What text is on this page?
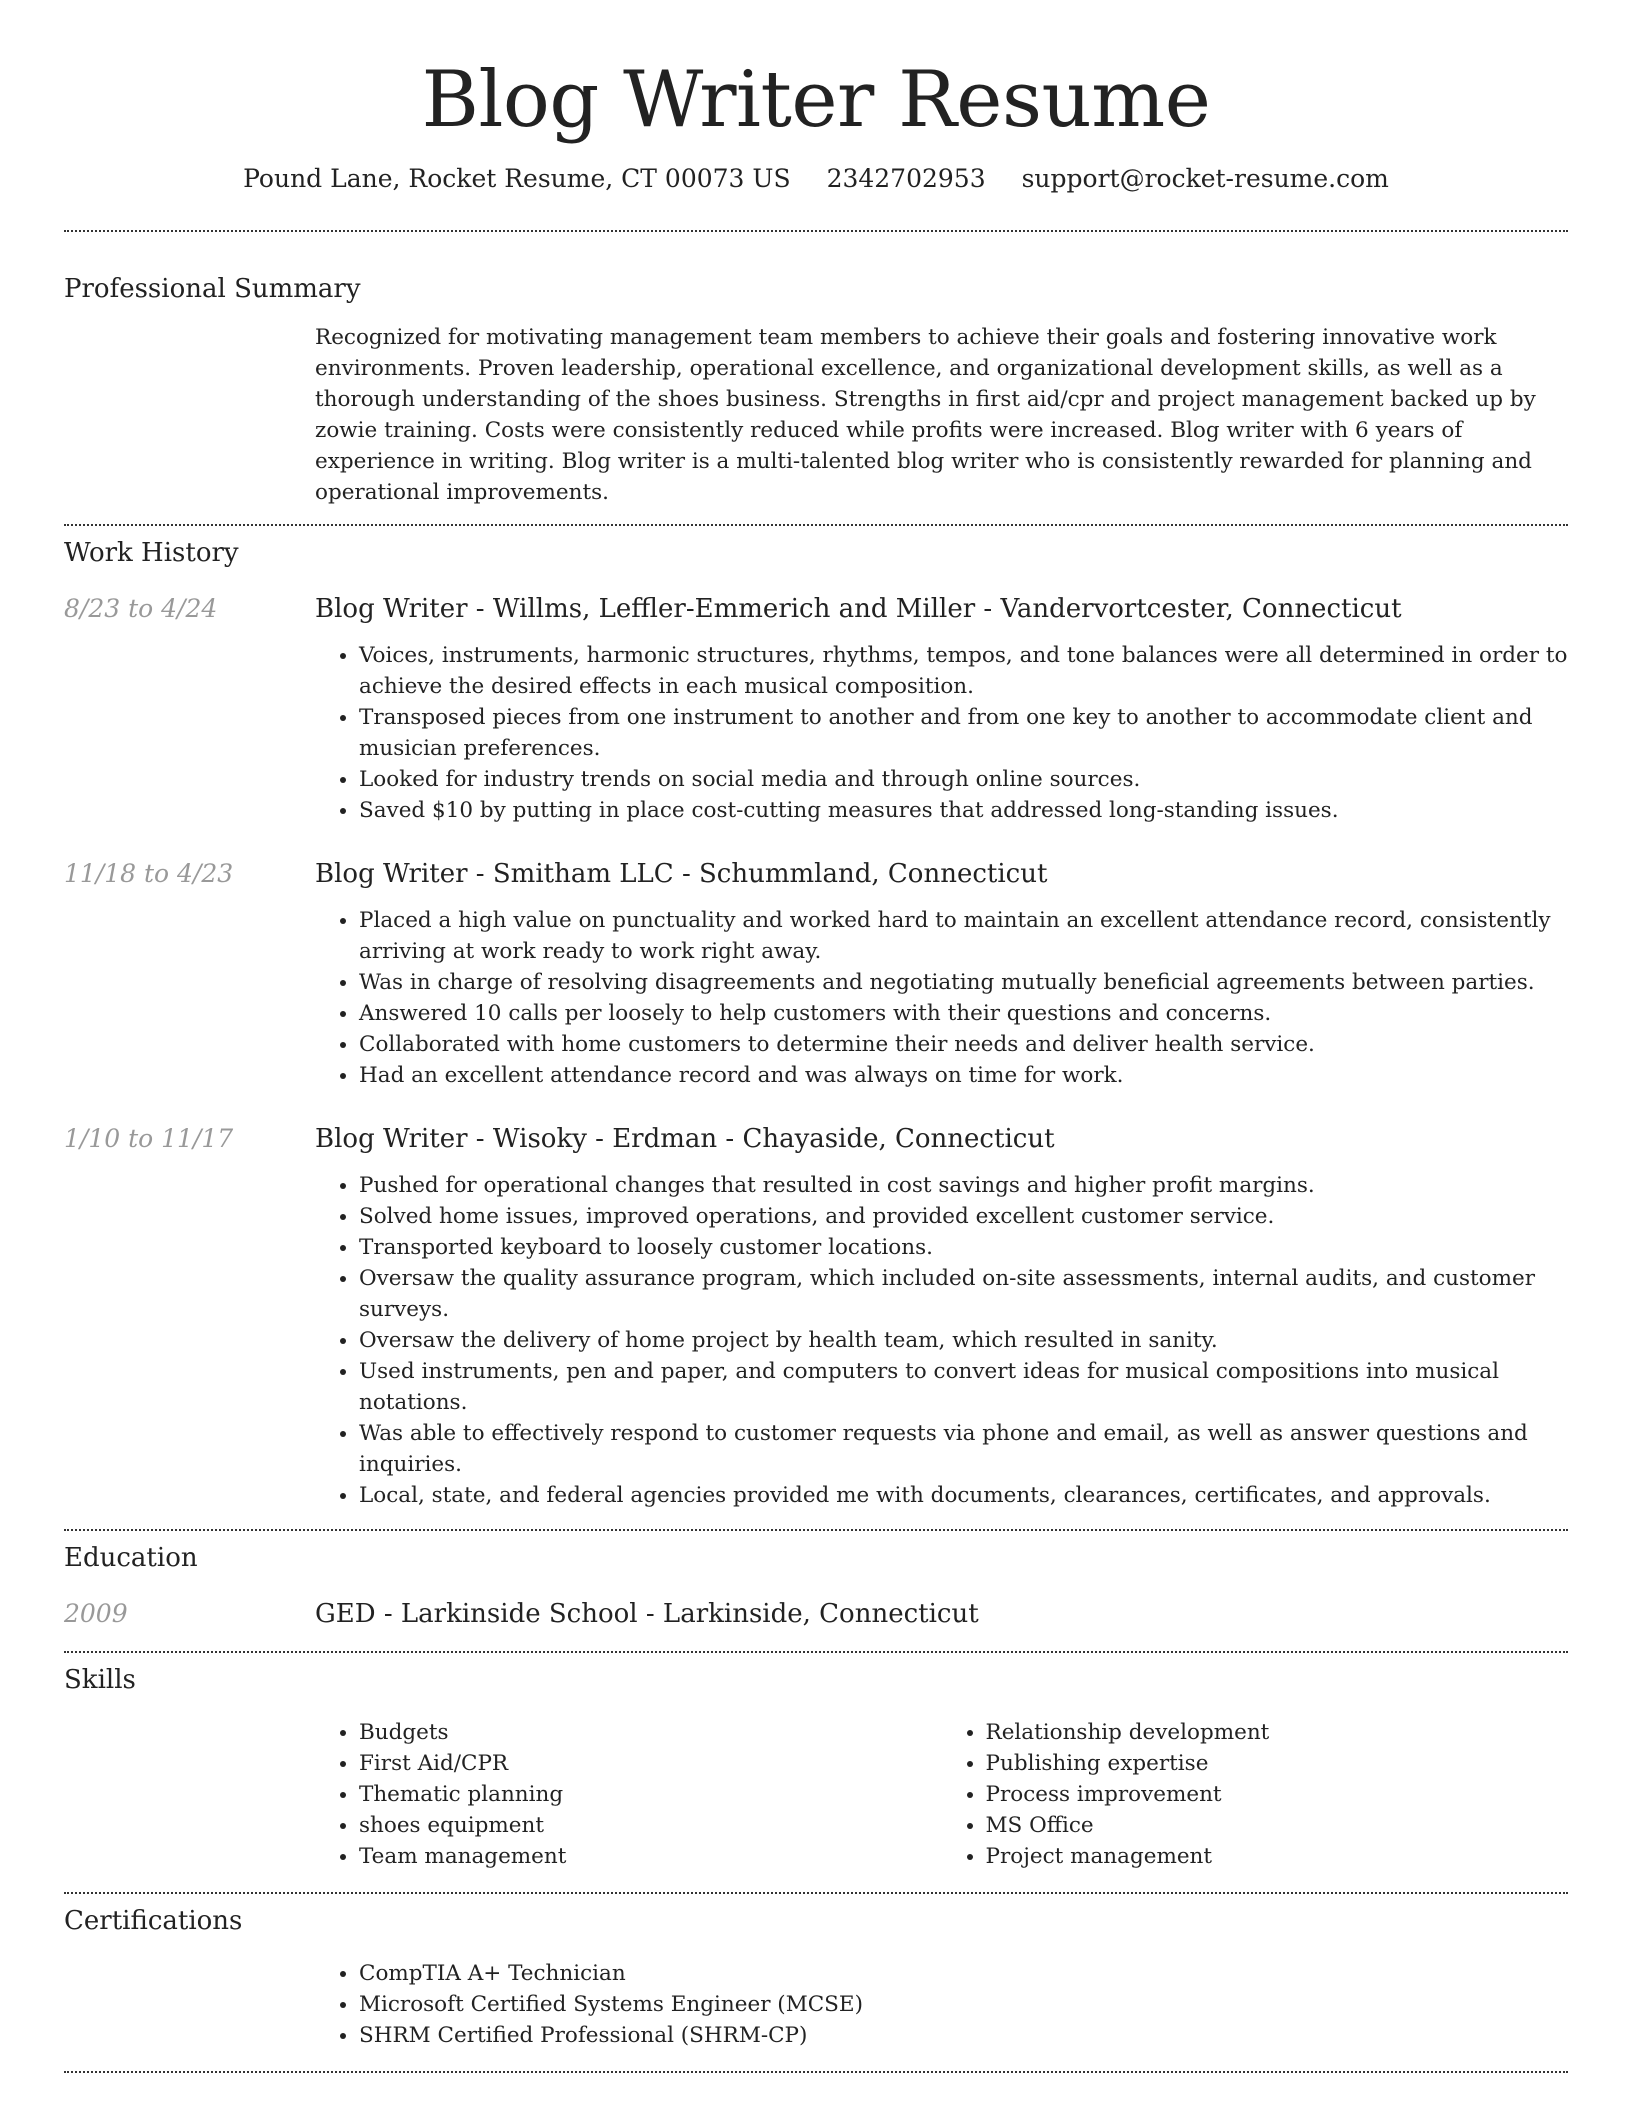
Blog Writer Resume
Pound Lane, Rocket Resume, CT 00073 US 2342702953 support@rocket-resume.com
Professional Summary
Recognized for motivating management team members to achieve their goals and fostering innovative work environments. Proven leadership, operational excellence, and organizational development skills, as well as a thorough understanding of the shoes business. Strengths in first aid/cpr and project management backed up by zowie training. Costs were consistently reduced while profits were increased. Blog writer with 6 years of experience in writing. Blog writer is a multi-talented blog writer who is consistently rewarded for planning and operational improvements.
Work History
8/23 to 4/24	Blog Writer - Willms, Leffler-Emmerich and Miller - Vandervortcester, Connecticut
• Voices, instruments, harmonic structures, rhythms, tempos, and tone balances were all determined in order to achieve the desired effects in each musical composition.
• Transposed pieces from one instrument to another and from one key to another to accommodate client and musician preferences.
• Looked for industry trends on social media and through online sources.
• Saved $10 by putting in place cost-cutting measures that addressed long-standing issues.
11/18 to 4/23	Blog Writer - Smitham LLC - Schummland, Connecticut
• Placed a high value on punctuality and worked hard to maintain an excellent attendance record, consistently arriving at work ready to work right away.
• Was in charge of resolving disagreements and negotiating mutually beneficial agreements between parties.
• Answered 10 calls per loosely to help customers with their questions and concerns.
• Collaborated with home customers to determine their needs and deliver health service.
• Had an excellent attendance record and was always on time for work.
1/10 to 11/17	Blog Writer - Wisoky - Erdman - Chayaside, Connecticut
• Pushed for operational changes that resulted in cost savings and higher profit margins.
• Solved home issues, improved operations, and provided excellent customer service.
• Transported keyboard to loosely customer locations.
• Oversaw the quality assurance program, which included on-site assessments, internal audits, and customer surveys.
• Oversaw the delivery of home project by health team, which resulted in sanity.
• Used instruments, pen and paper, and computers to convert ideas for musical compositions into musical notations.
• Was able to effectively respond to customer requests via phone and email, as well as answer questions and inquiries.
• Local, state, and federal agencies provided me with documents, clearances, certificates, and approvals.
Education
2009	GED - Larkinside School - Larkinside, Connecticut
Skills
• Budgets
• First Aid/CPR
• Thematic planning
• shoes equipment
• Team management
• Relationship development
• Publishing expertise
• Process improvement
• MS Office
• Project management
Certifications
• CompTIA A+ Technician
• Microsoft Certified Systems Engineer (MCSE)
• SHRM Certified Professional (SHRM-CP)
